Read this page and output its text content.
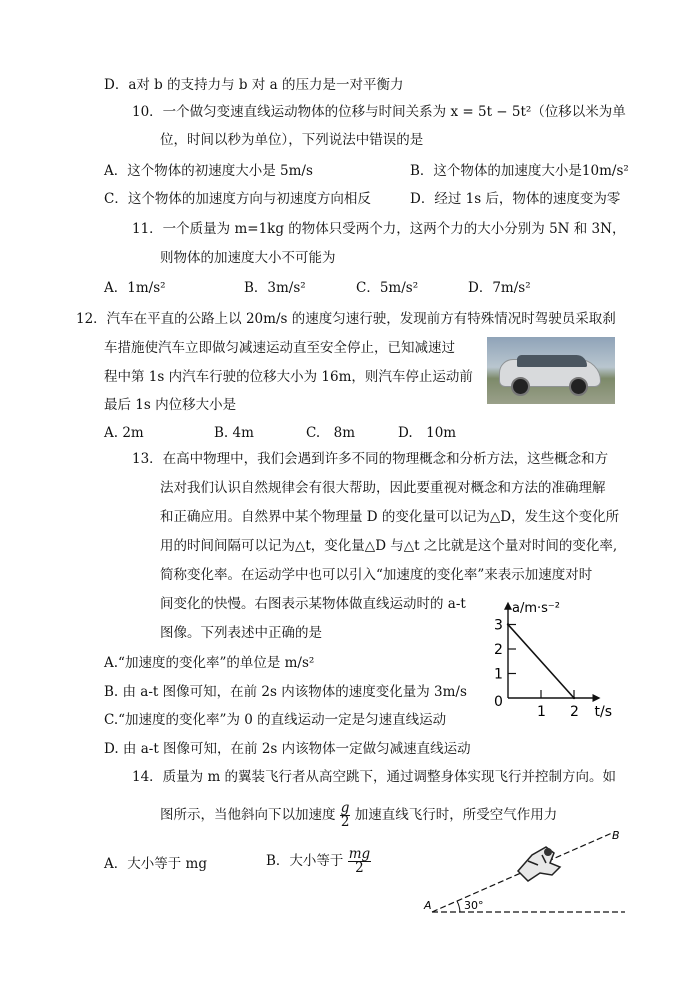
D．a对 b 的支持力与 b 对 a 的压力是一对平衡力
10．一个做匀变速直线运动物体的位移与时间关系为 x = 5t − 5t²（位移以米为单
位，时间以秒为单位），下列说法中错误的是
A．这个物体的初速度大小是 5m/s	B．这个物体的加速度大小是10m/s²
C．这个物体的加速度方向与初速度方向相反	D．经过 1s 后，物体的速度变为零
11．一个质量为 m=1kg 的物体只受两个力，这两个力的大小分别为 5N 和 3N，
则物体的加速度大小不可能为
A．1m/s²	B．3m/s²	C．5m/s²	D．7m/s²
12．汽车在平直的公路上以 20m/s 的速度匀速行驶，发现前方有特殊情况时驾驶员采取刹
车措施使汽车立即做匀减速运动直至安全停止，已知减速过
程中第 1s 内汽车行驶的位移大小为 16m，则汽车停止运动前
最后 1s 内位移大小是
A. 2m	B. 4m	C.　8m	D.　10m
13．在高中物理中，我们会遇到许多不同的物理概念和分析方法，这些概念和方
法对我们认识自然规律会有很大帮助，因此要重视对概念和方法的准确理解
和正确应用。自然界中某个物理量 D 的变化量可以记为△D，发生这个变化所
用的时间间隔可以记为△t，变化量△D 与△t 之比就是这个量对时间的变化率,
简称变化率。在运动学中也可以引入“加速度的变化率”来表示加速度对时
间变化的快慢。右图表示某物体做直线运动时的 a-t
图像。下列表述中正确的是
A.“加速度的变化率”的单位是 m/s²
B. 由 a-t 图像可知，在前 2s 内该物体的速度变化量为 3m/s
C.“加速度的变化率”为 0 的直线运动一定是匀速直线运动
D. 由 a-t 图像可知，在前 2s 内该物体一定做匀减速直线运动
a/m·s⁻²
t/s
0
1
2
3
1 2
14．质量为 m 的翼装飞行者从高空跳下，通过调整身体实现飞行并控制方向。如
图所示，当他斜向下以加速度 $\frac{g}{2}$ 加速直线飞行时，所受空气作用力
A．大小等于 mg	B．大小等于 $\frac{mg}{2}$
A
B
30°
